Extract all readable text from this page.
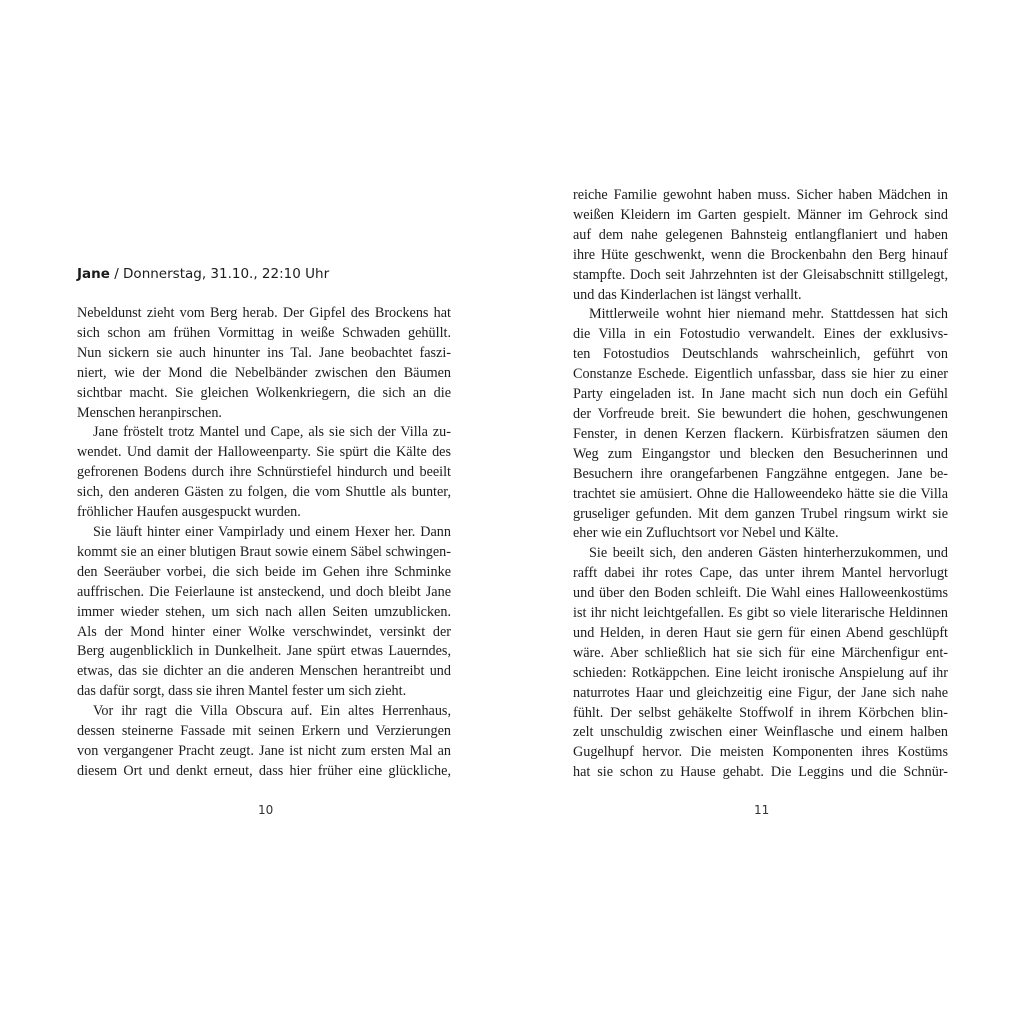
Jane / Donnerstag, 31.10., 22:10 Uhr

Nebeldunst zieht vom Berg herab. Der Gipfel des Brockens hat

sich schon am frühen Vormittag in weiße Schwaden gehüllt.

Nun sickern sie auch hinunter ins Tal. Jane beobachtet faszi-

niert, wie der Mond die Nebelbänder zwischen den Bäumen

sichtbar macht. Sie gleichen Wolkenkriegern, die sich an die

Menschen heranpirschen.

Jane fröstelt trotz Mantel und Cape, als sie sich der Villa zu-

wendet. Und damit der Halloweenparty. Sie spürt die Kälte des

gefrorenen Bodens durch ihre Schnürstiefel hindurch und beeilt

sich, den anderen Gästen zu folgen, die vom Shuttle als bunter,

fröhlicher Haufen ausgespuckt wurden.

Sie läuft hinter einer Vampirlady und einem Hexer her. Dann

kommt sie an einer blutigen Braut sowie einem Säbel schwingen-

den Seeräuber vorbei, die sich beide im Gehen ihre Schminke

auffrischen. Die Feierlaune ist ansteckend, und doch bleibt Jane

immer wieder stehen, um sich nach allen Seiten umzublicken.

Als der Mond hinter einer Wolke verschwindet, versinkt der

Berg augenblicklich in Dunkelheit. Jane spürt etwas Lauerndes,

etwas, das sie dichter an die anderen Menschen herantreibt und

das dafür sorgt, dass sie ihren Mantel fester um sich zieht.

Vor ihr ragt die Villa Obscura auf. Ein altes Herrenhaus,

dessen steinerne Fassade mit seinen Erkern und Verzierungen

von vergangener Pracht zeugt. Jane ist nicht zum ersten Mal an

diesem Ort und denkt erneut, dass hier früher eine glückliche,

reiche Familie gewohnt haben muss. Sicher haben Mädchen in

weißen Kleidern im Garten gespielt. Männer im Gehrock sind

auf dem nahe gelegenen Bahnsteig entlangflaniert und haben

ihre Hüte geschwenkt, wenn die Brockenbahn den Berg hinauf

stampfte. Doch seit Jahrzehnten ist der Gleisabschnitt stillgelegt,

und das Kinderlachen ist längst verhallt.

Mittlerweile wohnt hier niemand mehr. Stattdessen hat sich

die Villa in ein Fotostudio verwandelt. Eines der exklusivs-

ten Fotostudios Deutschlands wahrscheinlich, geführt von

Constanze Eschede. Eigentlich unfassbar, dass sie hier zu einer

Party eingeladen ist. In Jane macht sich nun doch ein Gefühl

der Vorfreude breit. Sie bewundert die hohen, geschwungenen

Fenster, in denen Kerzen flackern. Kürbisfratzen säumen den

Weg zum Eingangstor und blecken den Besucherinnen und

Besuchern ihre orangefarbenen Fangzähne entgegen. Jane be-

trachtet sie amüsiert. Ohne die Halloweendeko hätte sie die Villa

gruseliger gefunden. Mit dem ganzen Trubel ringsum wirkt sie

eher wie ein Zufluchtsort vor Nebel und Kälte.

Sie beeilt sich, den anderen Gästen hinterherzukommen, und

rafft dabei ihr rotes Cape, das unter ihrem Mantel hervorlugt

und über den Boden schleift. Die Wahl eines Halloweenkostüms

ist ihr nicht leichtgefallen. Es gibt so viele literarische Heldinnen

und Helden, in deren Haut sie gern für einen Abend geschlüpft

wäre. Aber schließlich hat sie sich für eine Märchenfigur ent-

schieden: Rotkäppchen. Eine leicht ironische Anspielung auf ihr

naturrotes Haar und gleichzeitig eine Figur, der Jane sich nahe

fühlt. Der selbst gehäkelte Stoffwolf in ihrem Körbchen blin-

zelt unschuldig zwischen einer Weinflasche und einem halben

Gugelhupf hervor. Die meisten Komponenten ihres Kostüms

hat sie schon zu Hause gehabt. Die Leggins und die Schnür-

10	11
